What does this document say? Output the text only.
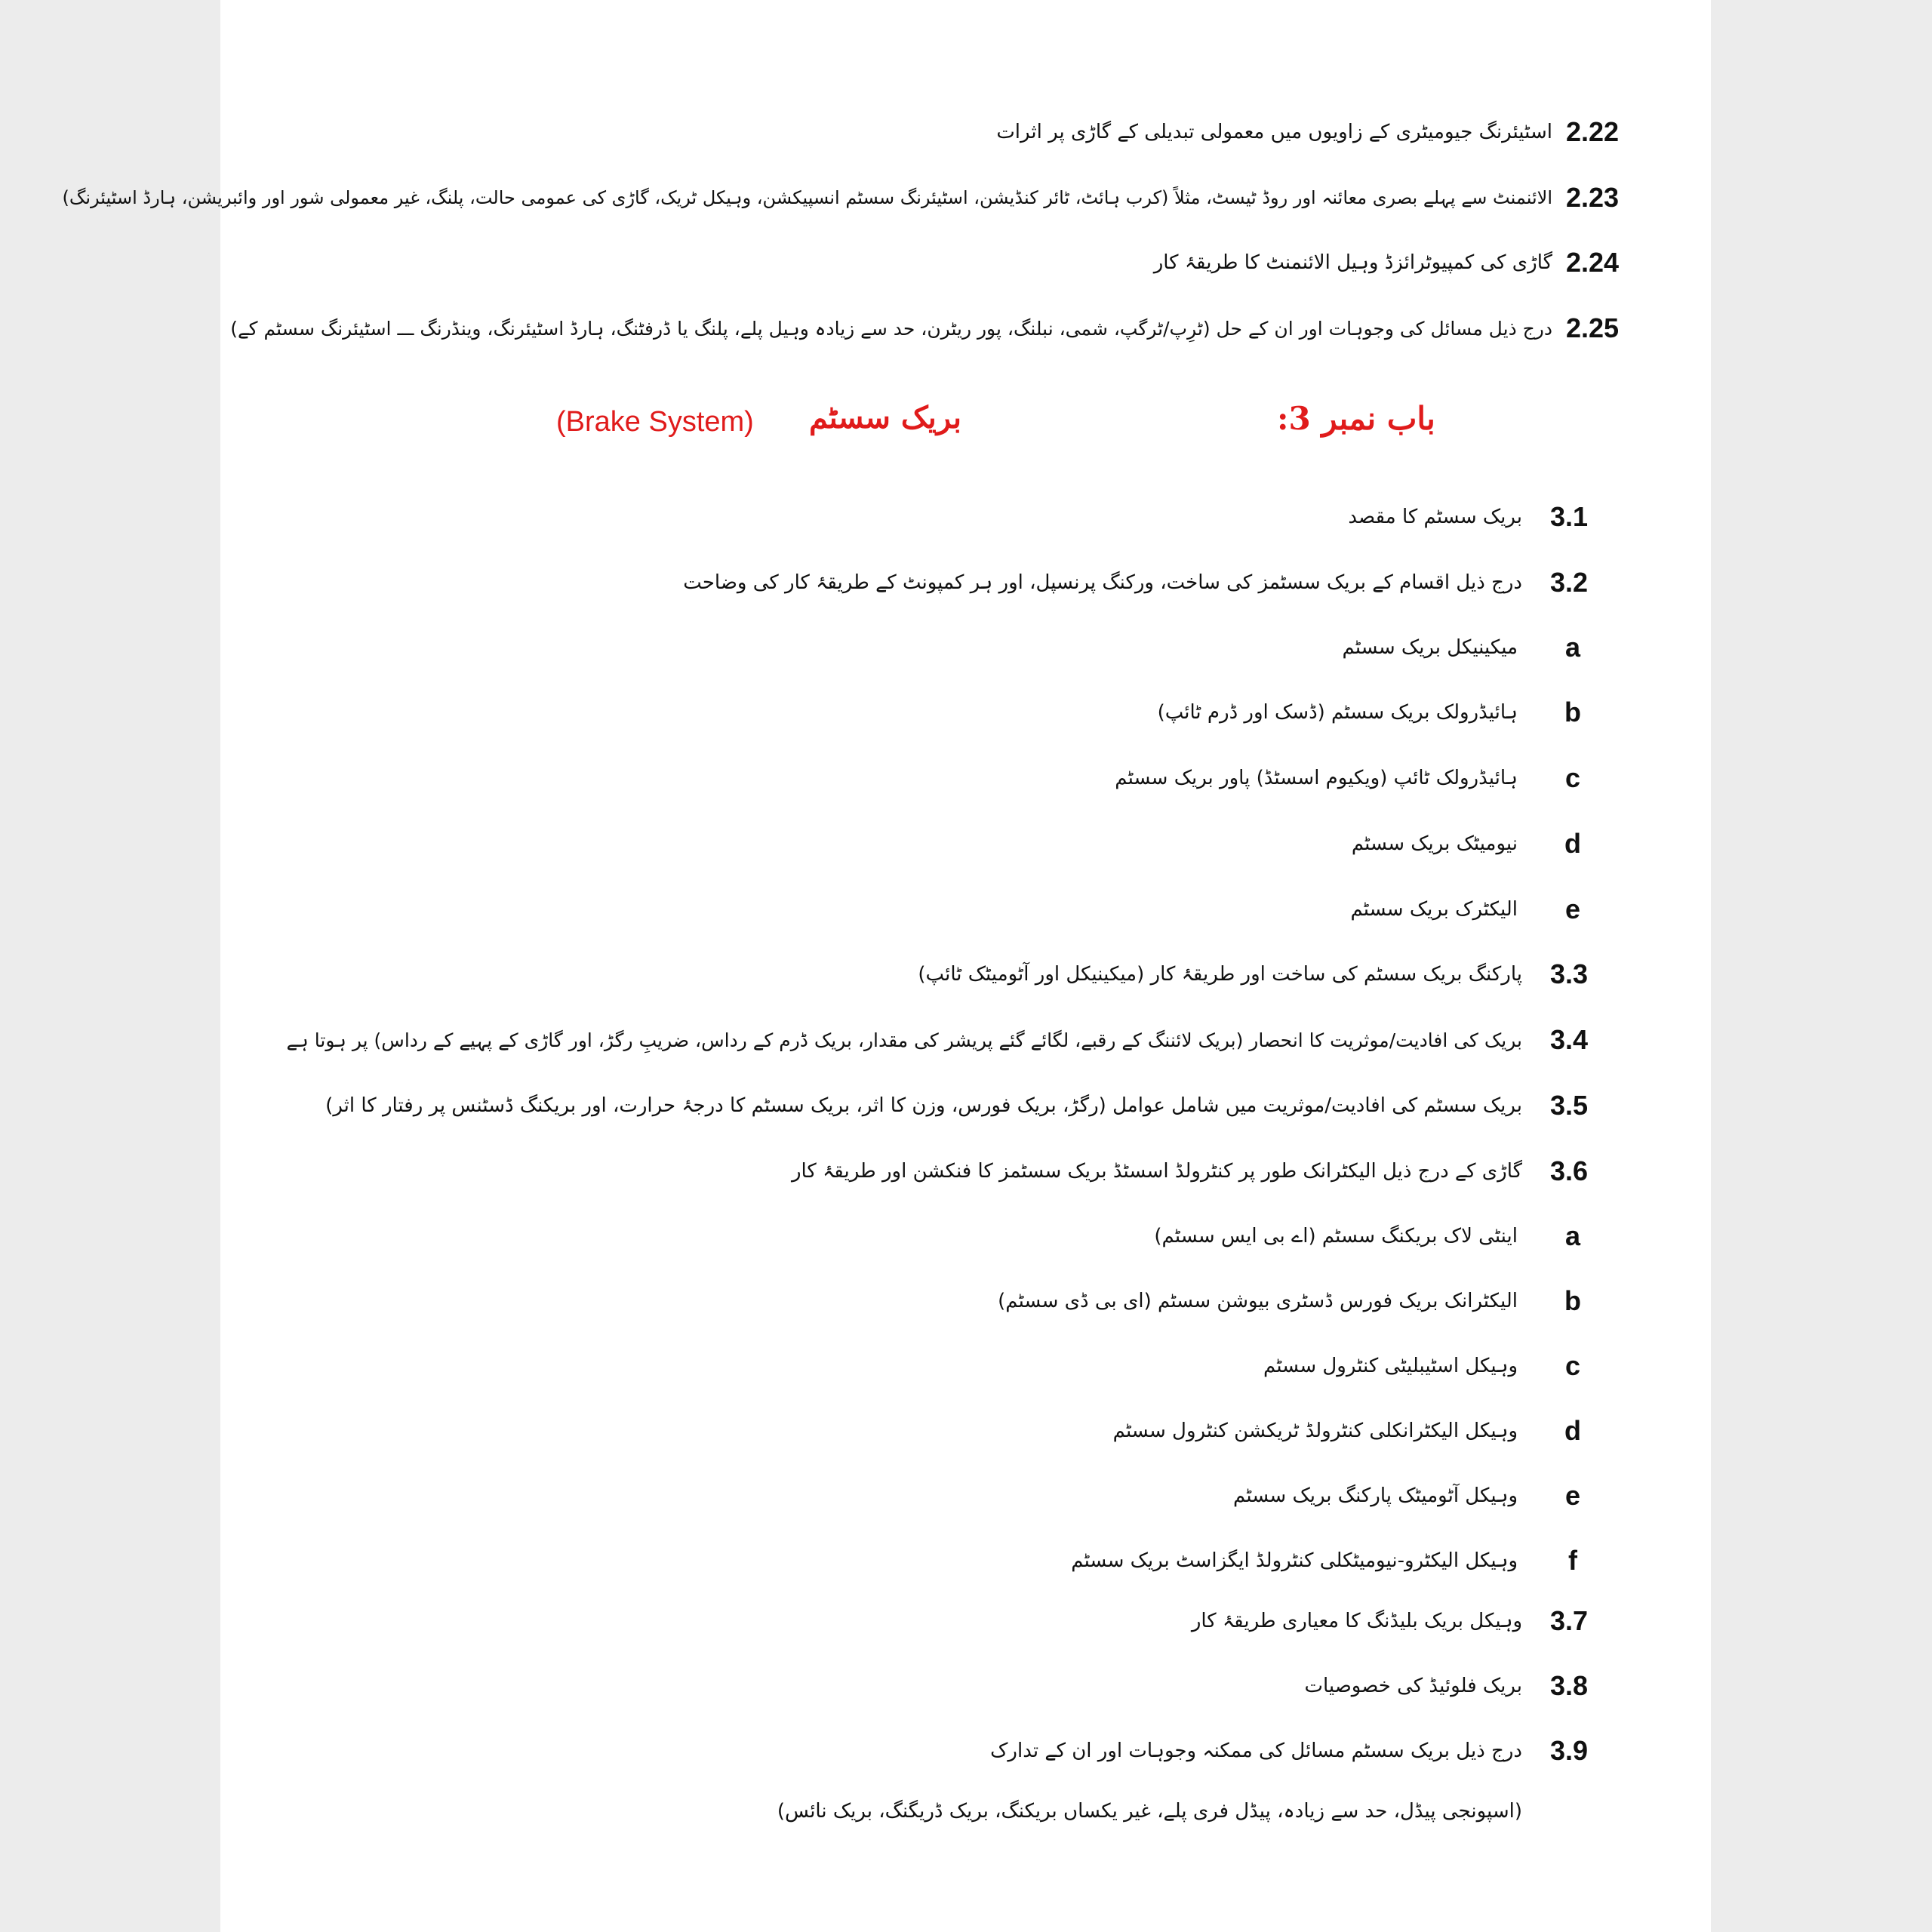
2.22
اسٹیئرنگ جیومیٹری کے زاویوں میں معمولی تبدیلی کے گاڑی پر اثرات
2.23
الائنمنٹ سے پہلے بصری معائنہ اور روڈ ٹیسٹ، مثلاً (کرب ہائٹ، ٹائر کنڈیشن، اسٹیئرنگ سسٹم انسپیکشن، وہیکل ٹریک، گاڑی کی عمومی حالت، پلنگ، غیر معمولی شور اور وائبریشن، ہارڈ اسٹیئرنگ)
2.24
گاڑی کی کمپیوٹرائزڈ وہیل الائنمنٹ کا طریقۂ کار
2.25
درج ذیل مسائل کی وجوہات اور ان کے حل (ٹرِپ/ٹرگپ، شمی، نبلنگ، پور ریٹرن، حد سے زیادہ وہیل پلے، پلنگ یا ڈرفٹنگ، ہارڈ اسٹیئرنگ، وینڈرنگ ـــ اسٹیئرنگ سسٹم کے)
باب نمبر 3:
بریک سسٹم
(Brake System)
3.1
بریک سسٹم کا مقصد
3.2
درج ذیل اقسام کے بریک سسٹمز کی ساخت، ورکنگ پرنسپل، اور ہر کمپونٹ کے طریقۂ کار کی وضاحت
a
میکینیکل بریک سسٹم
b
ہائیڈرولک بریک سسٹم (ڈسک اور ڈرم ٹائپ)
c
ہائیڈرولک ٹائپ (ویکیوم اسسٹڈ) پاور بریک سسٹم
d
نیومیٹک بریک سسٹم
e
الیکٹرک بریک سسٹم
3.3
پارکنگ بریک سسٹم کی ساخت اور طریقۂ کار (میکینیکل اور آٹومیٹک ٹائپ)
3.4
بریک کی افادیت/موثریت کا انحصار (بریک لائننگ کے رقبے، لگائے گئے پریشر کی مقدار، بریک ڈرم کے رداس، ضریبِ رگڑ، اور گاڑی کے پہیے کے رداس) پر ہوتا ہے
3.5
بریک سسٹم کی افادیت/موثریت میں شامل عوامل (رگڑ، بریک فورس، وزن کا اثر، بریک سسٹم کا درجۂ حرارت، اور بریکنگ ڈسٹنس پر رفتار کا اثر)
3.6
گاڑی کے درج ذیل الیکٹرانک طور پر کنٹرولڈ اسسٹڈ بریک سسٹمز کا فنکشن اور طریقۂ کار
a
اینٹی لاک بریکنگ سسٹم (اے بی ایس سسٹم)
b
الیکٹرانک بریک فورس ڈسٹری بیوشن سسٹم (ای بی ڈی سسٹم)
c
وہیکل اسٹیبلیٹی کنٹرول سسٹم
d
وہیکل الیکٹرانکلی کنٹرولڈ ٹریکشن کنٹرول سسٹم
e
وہیکل آٹومیٹک پارکنگ بریک سسٹم
f
وہیکل الیکٹرو-نیومیٹکلی کنٹرولڈ ایگزاسٹ بریک سسٹم
3.7
وہیکل بریک بلیڈنگ کا معیاری طریقۂ کار
3.8
بریک فلوئیڈ کی خصوصیات
3.9
درج ذیل بریک سسٹم مسائل کی ممکنہ وجوہات اور ان کے تدارک
(اسپونجی پیڈل، حد سے زیادہ، پیڈل فری پلے، غیر یکساں بریکنگ، بریک ڈریگنگ، بریک نائس)
